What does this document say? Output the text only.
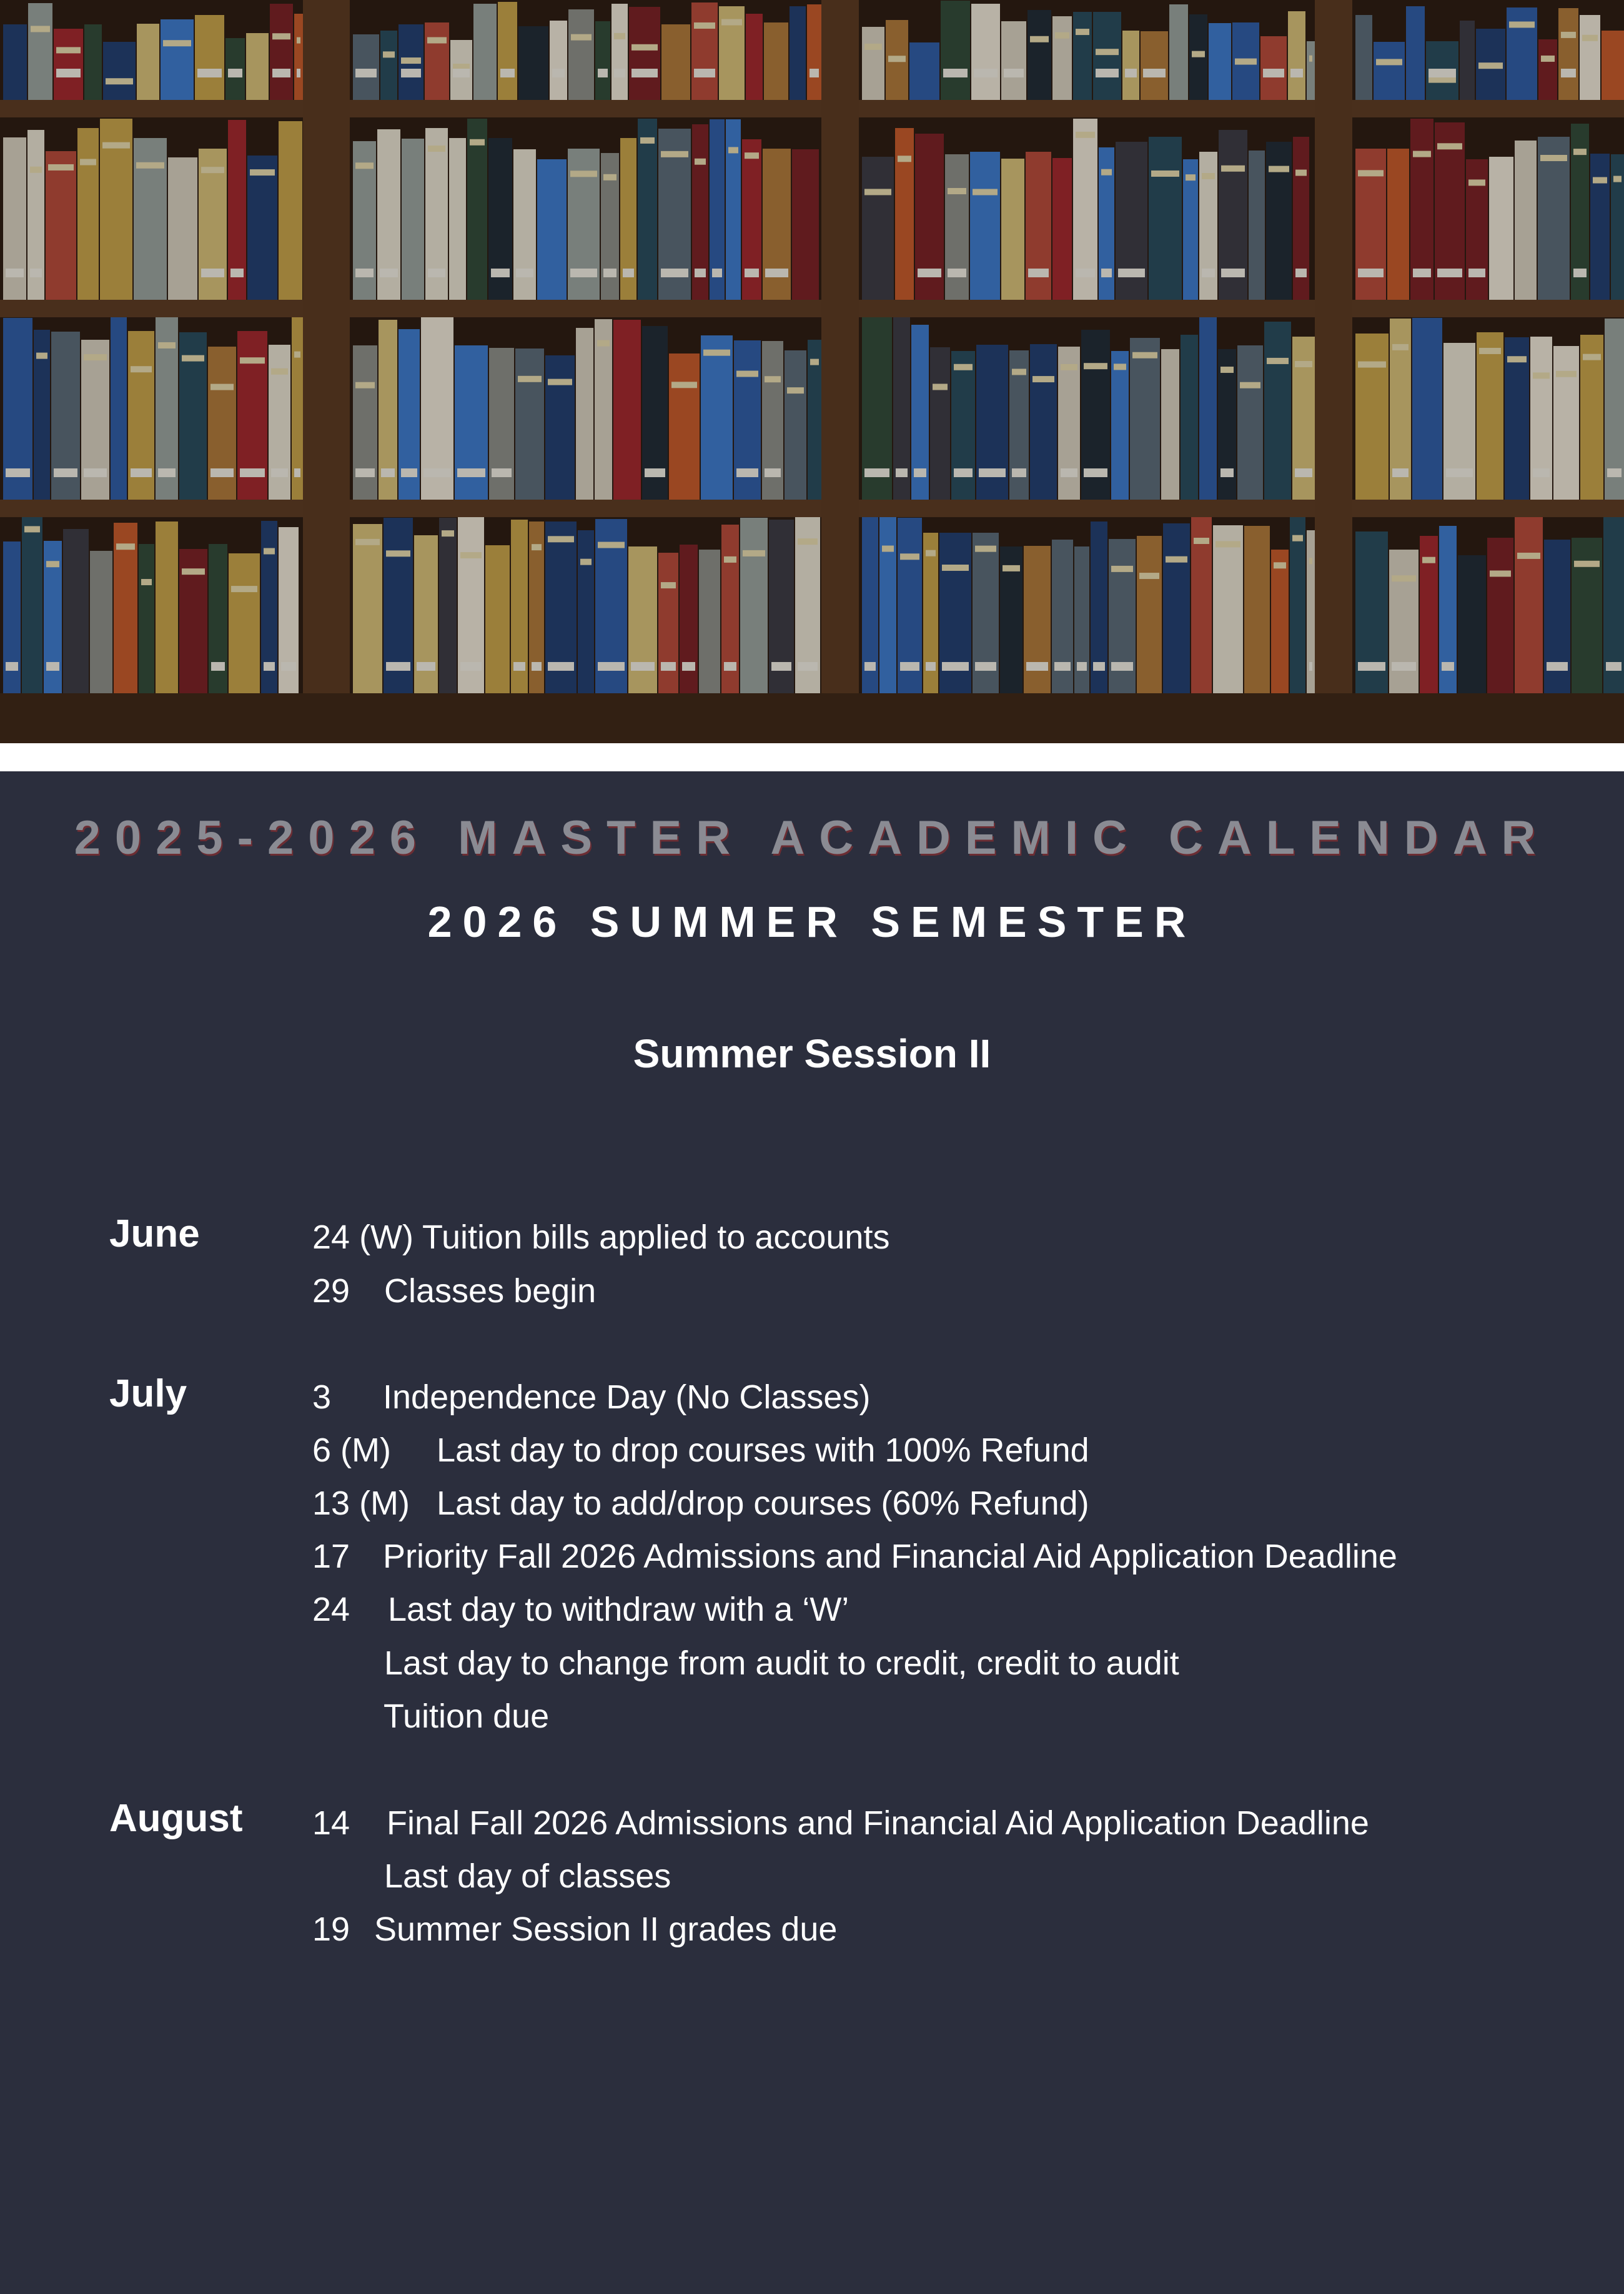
2025-2026 MASTER ACADEMIC CALENDAR
2026 SUMMER SEMESTER
Summer Session II

June	24 (W) Tuition bills applied to accounts

29 Classes begin

July	3 Independence Day (No Classes)

6 (M) Last day to drop courses with 100% Refund

13 (M) Last day to add/drop courses (60% Refund)

17 Priority Fall 2026 Admissions and Financial Aid Application Deadline

24 Last day to withdraw with a ‘W’

Last day to change from audit to credit, credit to audit

Tuition due

August 14 Final Fall 2026 Admissions and Financial Aid Application Deadline

Last day of classes

19 Summer Session II grades due
